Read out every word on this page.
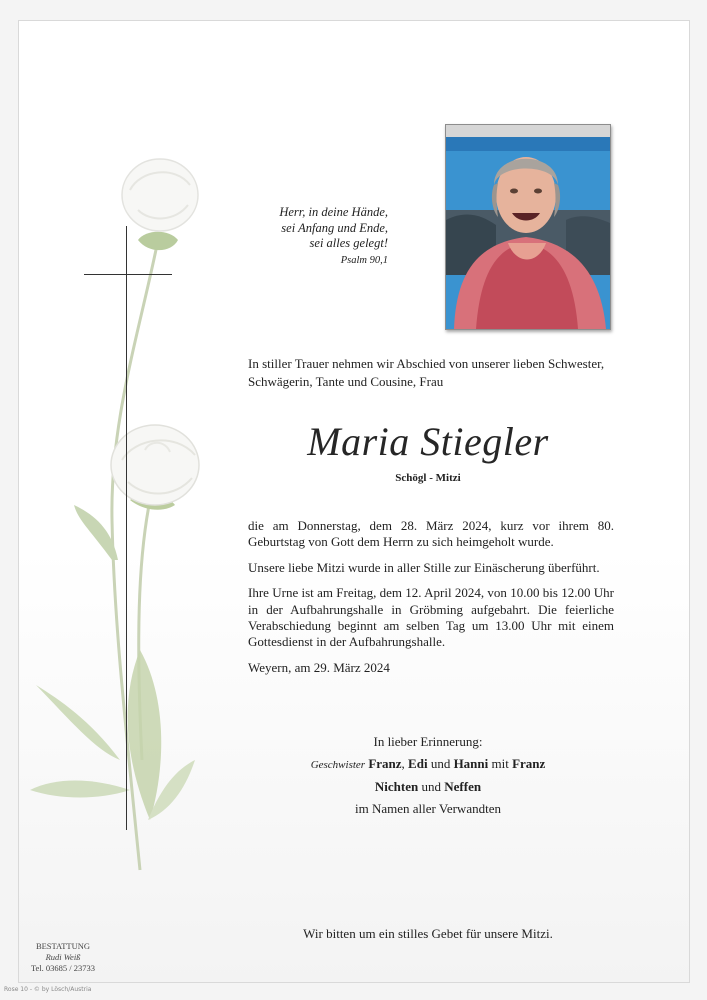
Herr, in deine Hände,
sei Anfang und Ende,
sei alles gelegt!
Psalm 90,1
In stiller Trauer nehmen wir Abschied von unserer lieben Schwester, Schwägerin, Tante und Cousine, Frau
Maria Stiegler
Schögl - Mitzi

die am Donnerstag, dem 28. März 2024, kurz vor ihrem 80. Geburtstag von Gott dem Herrn zu sich heimgeholt wurde.

Unsere liebe Mitzi wurde in aller Stille zur Einäscherung überführt.

Ihre Urne ist am Freitag, dem 12. April 2024, von 10.00 bis 12.00 Uhr in der Aufbahrungshalle in Gröbming aufgebahrt. Die feierliche Verabschiedung beginnt am selben Tag um 13.00 Uhr mit einem Gottesdienst in der Aufbahrungshalle.

Weyern, am 29. März 2024

In lieber Erinnerung:
Geschwister Franz, Edi und Hanni mit Franz
Nichten und Neffen
im Namen aller Verwandten
Wir bitten um ein stilles Gebet für unsere Mitzi.
BESTATTUNG
Rudi Weiß
Tel. 03685 / 23733
Rose 10 - © by Lösch/Austria
